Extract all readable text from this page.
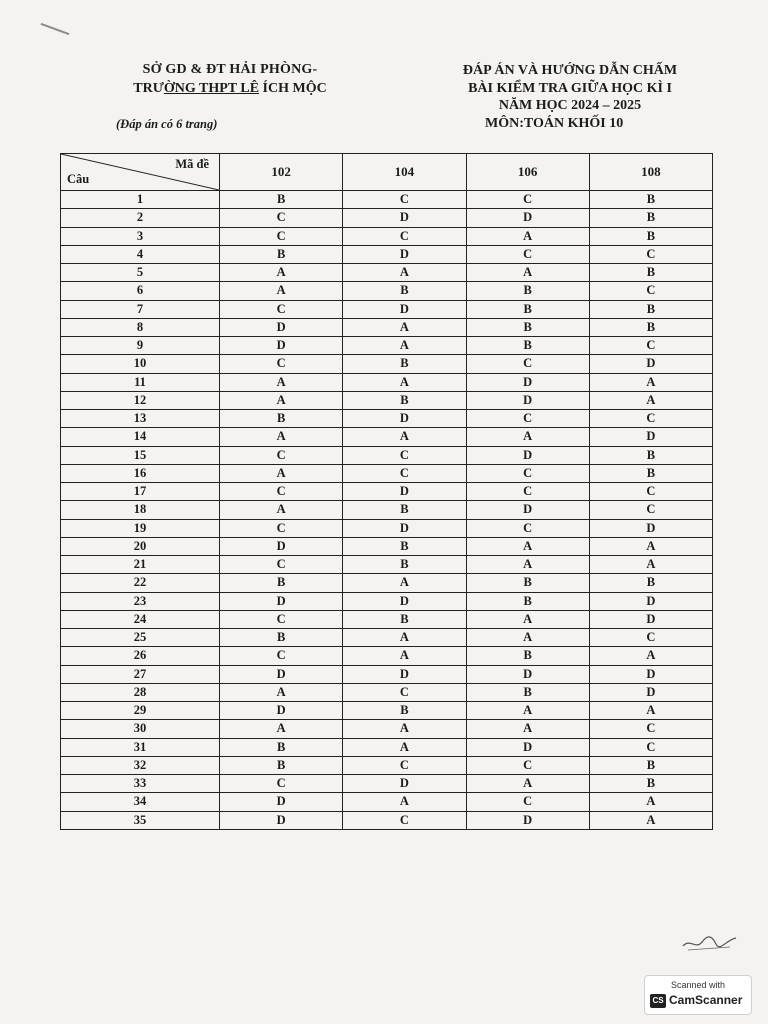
SỞ GD & ĐT HẢI PHÒNG-
TRƯỜNG THPT LÊ ÍCH MỘC
(Đáp án có 6 trang)
ĐÁP ÁN VÀ HƯỚNG DẪN CHẤM
BÀI KIỂM TRA GIỮA HỌC KÌ I
NĂM HỌC 2024 – 2025
MÔN:TOÁN KHỐI 10
Mã đề
Câu	102	104	106	108
1	B	C	C	B
2	C	D	D	B
3	C	C	A	B
4	B	D	C	C
5	A	A	A	B
6	A	B	B	C
7	C	D	B	B
8	D	A	B	B
9	D	A	B	C
10	C	B	C	D
11	A	A	D	A
12	A	B	D	A
13	B	D	C	C
14	A	A	A	D
15	C	C	D	B
16	A	C	C	B
17	C	D	C	C
18	A	B	D	C
19	C	D	C	D
20	D	B	A	A
21	C	B	A	A
22	B	A	B	B
23	D	D	B	D
24	C	B	A	D
25	B	A	A	C
26	C	A	B	A
27	D	D	D	D
28	A	C	B	D
29	D	B	A	A
30	A	A	A	C
31	B	A	D	C
32	B	C	C	B
33	C	D	A	B
34	D	A	C	A
35	D	C	D	A
Scanned with
CS CamScanner
